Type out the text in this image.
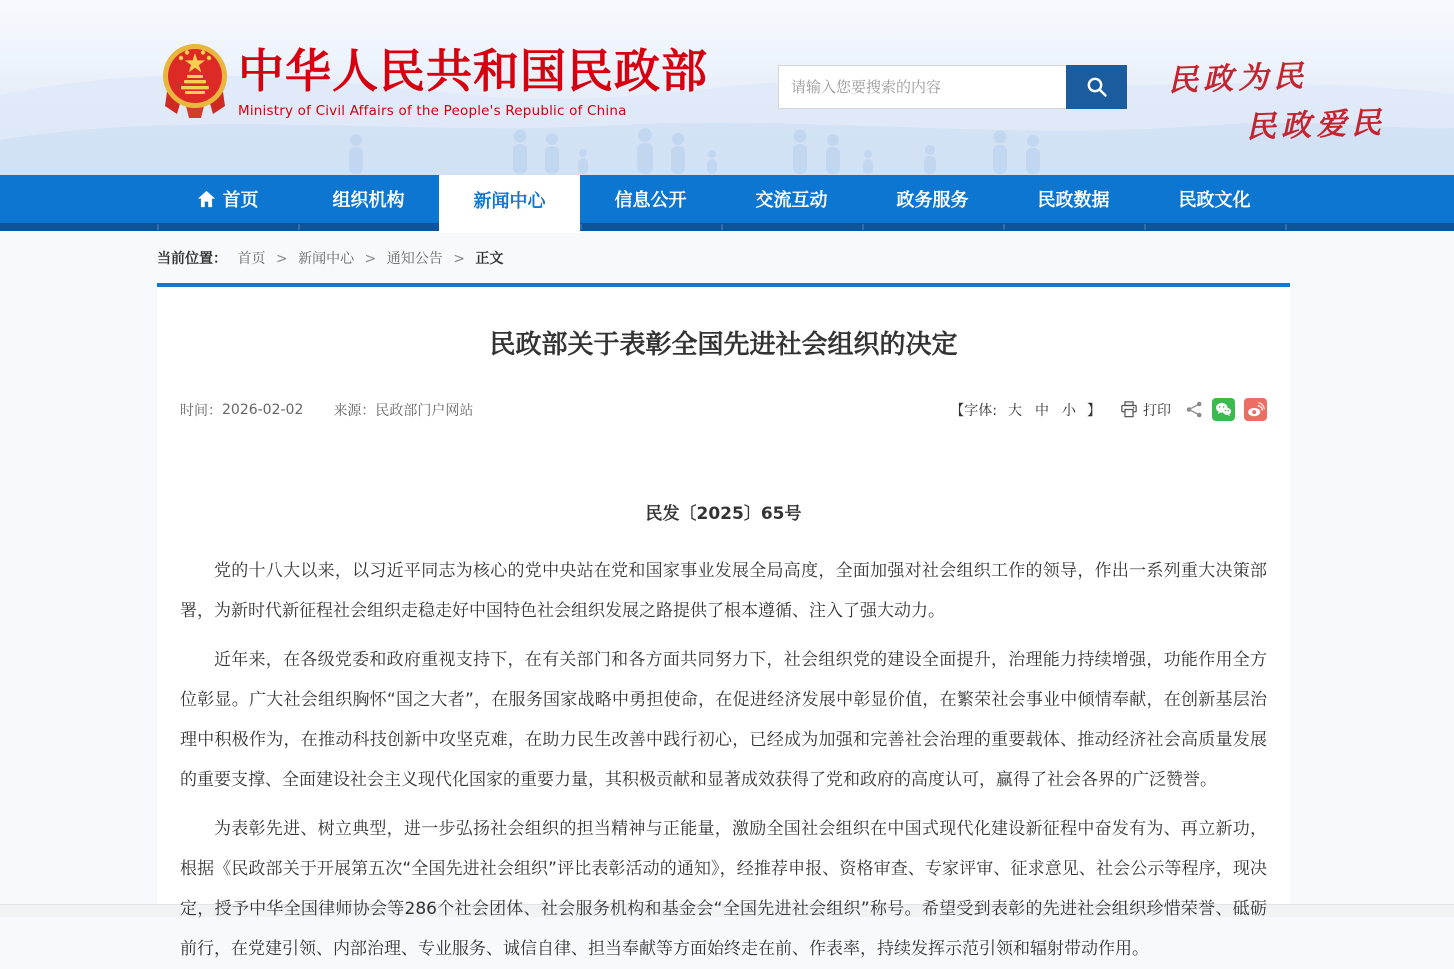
中华人民共和国民政部
Ministry of Civil Affairs of the People's Republic of China
请输入您要搜索的内容
民政为民
民政爱民
首页	组织机构	新闻中心	信息公开	交流互动	政务服务	民政数据	民政文化
当前位置： 首页 > 新闻中心 > 通知公告 > 正文
民政部关于表彰全国先进社会组织的决定
时间： 2026-02-02 来源： 民政部门户网站	【字体: 大 中 小 】	打印
民发〔2025〕65号

党的十八大以来，以习近平同志为核心的党中央站在党和国家事业发展全局高度，全面加强对社会组织工作的领导，作出一系列重大决策部署，为新时代新征程社会组织走稳走好中国特色社会组织发展之路提供了根本遵循、注入了强大动力。

近年来，在各级党委和政府重视支持下，在有关部门和各方面共同努力下，社会组织党的建设全面提升，治理能力持续增强，功能作用全方位彰显。广大社会组织胸怀“国之大者”，在服务国家战略中勇担使命，在促进经济发展中彰显价值，在繁荣社会事业中倾情奉献，在创新基层治理中积极作为，在推动科技创新中攻坚克难，在助力民生改善中践行初心，已经成为加强和完善社会治理的重要载体、推动经济社会高质量发展的重要支撑、全面建设社会主义现代化国家的重要力量，其积极贡献和显著成效获得了党和政府的高度认可，赢得了社会各界的广泛赞誉。

为表彰先进、树立典型，进一步弘扬社会组织的担当精神与正能量，激励全国社会组织在中国式现代化建设新征程中奋发有为、再立新功，根据《民政部关于开展第五次“全国先进社会组织”评比表彰活动的通知》，经推荐申报、资格审查、专家评审、征求意见、社会公示等程序，现决定，授予中华全国律师协会等286个社会团体、社会服务机构和基金会“全国先进社会组织”称号。希望受到表彰的先进社会组织珍惜荣誉、砥砺前行，在党建引领、内部治理、专业服务、诚信自律、担当奉献等方面始终走在前、作表率，持续发挥示范引领和辐射带动作用。
